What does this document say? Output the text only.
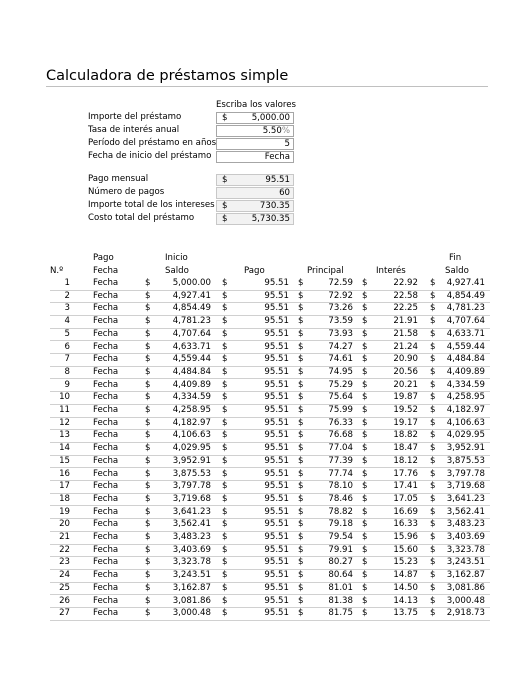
Calculadora de préstamos simple
Escriba los valores
Importe del préstamo	$	5,000.00
Tasa de interés anual	5.50%
Período del préstamo en años	5
Fecha de inicio del préstamo	Fecha
Pago mensual	$	95.51
Número de pagos	60
Importe total de los intereses $	730.35
Costo total del préstamo	$	5,730.35
Pago	Inicio	Fin
N.º	Fecha	Saldo	Pago	Principal	Interés	Saldo
1	Fecha	$	5,000.00 $	95.51 $	72.59 $	22.92 $ 4,927.41
2	Fecha	$	4,927.41 $	95.51 $	72.92 $	22.58 $ 4,854.49
3	Fecha	$	4,854.49 $	95.51 $	73.26 $	22.25 $ 4,781.23
4	Fecha	$	4,781.23 $	95.51 $	73.59 $	21.91 $ 4,707.64
5	Fecha	$	4,707.64 $	95.51 $	73.93 $	21.58 $ 4,633.71
6	Fecha	$	4,633.71 $	95.51 $	74.27 $	21.24 $ 4,559.44
7	Fecha	$	4,559.44 $	95.51 $	74.61 $	20.90 $ 4,484.84
8	Fecha	$	4,484.84 $	95.51 $	74.95 $	20.56 $ 4,409.89
9	Fecha	$	4,409.89 $	95.51 $	75.29 $	20.21 $ 4,334.59
10	Fecha	$	4,334.59 $	95.51 $	75.64 $	19.87 $ 4,258.95
11	Fecha	$	4,258.95 $	95.51 $	75.99 $	19.52 $ 4,182.97
12	Fecha	$	4,182.97 $	95.51 $	76.33 $	19.17 $ 4,106.63
13	Fecha	$	4,106.63 $	95.51 $	76.68 $	18.82 $ 4,029.95
14	Fecha	$	4,029.95 $	95.51 $	77.04 $	18.47 $ 3,952.91
15	Fecha	$	3,952.91 $	95.51 $	77.39 $	18.12 $ 3,875.53
16	Fecha	$	3,875.53 $	95.51 $	77.74 $	17.76 $ 3,797.78
17	Fecha	$	3,797.78 $	95.51 $	78.10 $	17.41 $ 3,719.68
18	Fecha	$	3,719.68 $	95.51 $	78.46 $	17.05 $ 3,641.23
19	Fecha	$	3,641.23 $	95.51 $	78.82 $	16.69 $ 3,562.41
20	Fecha	$	3,562.41 $	95.51 $	79.18 $	16.33 $ 3,483.23
21	Fecha	$	3,483.23 $	95.51 $	79.54 $	15.96 $ 3,403.69
22	Fecha	$	3,403.69 $	95.51 $	79.91 $	15.60 $ 3,323.78
23	Fecha	$	3,323.78 $	95.51 $	80.27 $	15.23 $ 3,243.51
24	Fecha	$	3,243.51 $	95.51 $	80.64 $	14.87 $ 3,162.87
25	Fecha	$	3,162.87 $	95.51 $	81.01 $	14.50 $ 3,081.86
26	Fecha	$	3,081.86 $	95.51 $	81.38 $	14.13 $ 3,000.48
27	Fecha	$	3,000.48 $	95.51 $	81.75 $	13.75 $ 2,918.73
